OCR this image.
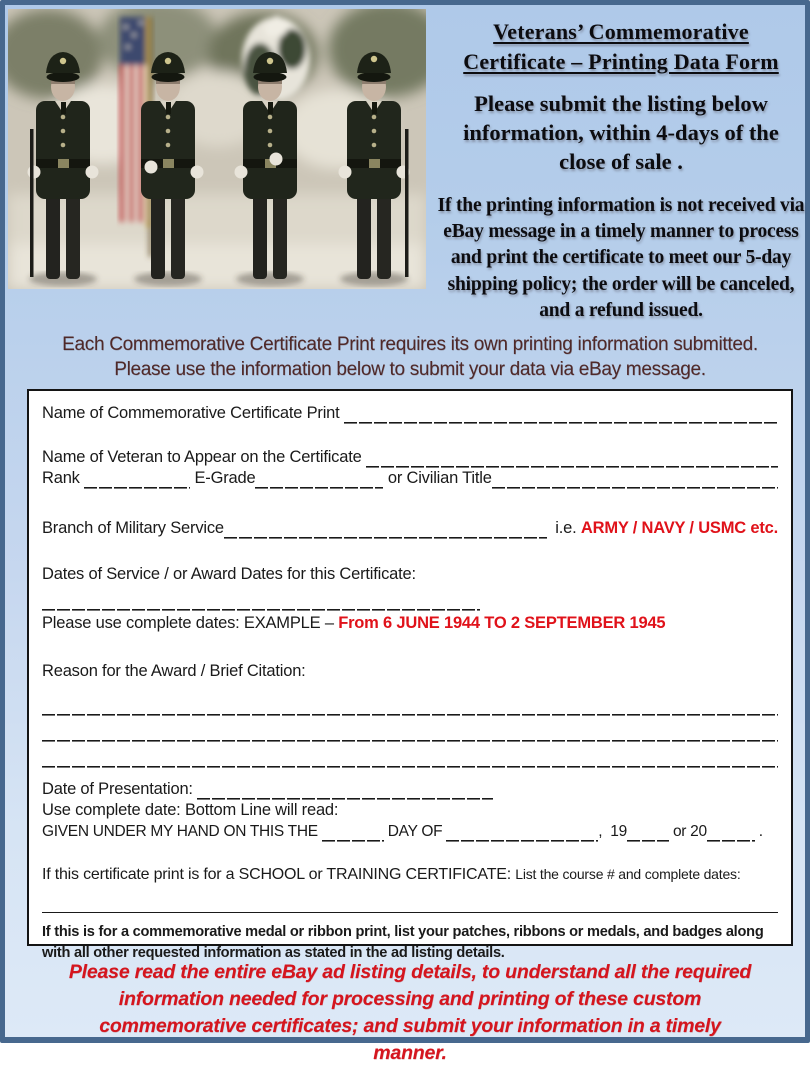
Veterans’ Commemorative
Certificate – Printing Data Form

Please submit the listing below information, within 4-days of the close of sale .

If the printing information is not received via eBay message in a timely manner to process and print the certificate to meet our 5-day shipping policy; the order will be canceled, and a refund issued.

Each Commemorative Certificate Print requires its own printing information submitted. Please use the information below to submit your data via eBay message.

Name of Commemorative Certificate Print
Name of Veteran to Appear on the Certificate
Rank	E-Grade	or Civilian Title
Branch of Military Service	i.e. ARMY / NAVY / USMC etc.
Dates of Service / or Award Dates for this Certificate:
Please use complete dates: EXAMPLE – From 6 JUNE 1944 TO 2 SEPTEMBER 1945
Reason for the Award / Brief Citation:
Date of Presentation:
Use complete date: Bottom Line will read:
GIVEN UNDER MY HAND ON THIS THE	DAY OF	,  19	or 20	.
If this certificate print is for a SCHOOL or TRAINING CERTIFICATE: List the course # and complete dates:
If this is for a commemorative medal or ribbon print, list your patches, ribbons or medals, and badges along with all other requested information as stated in the ad listing details.

Please read the entire eBay ad listing details, to understand all the required information needed for processing and printing of these custom commemorative certificates; and submit your information in a timely manner.
